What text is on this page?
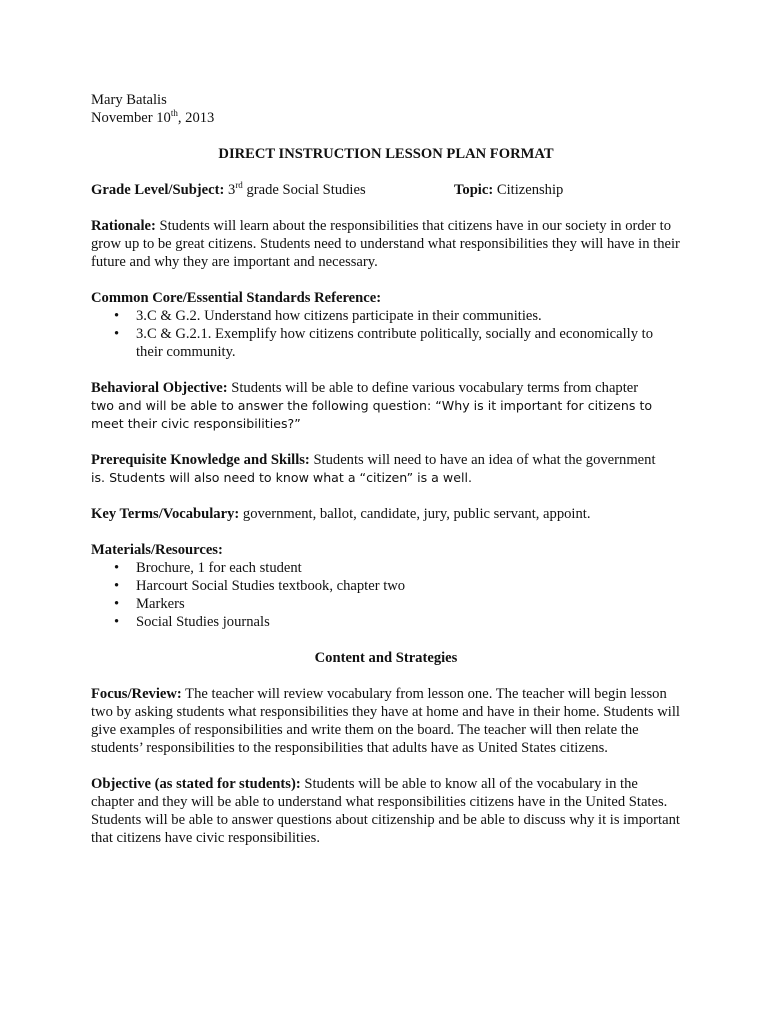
Mary Batalis

November 10th, 2013

DIRECT INSTRUCTION LESSON PLAN FORMAT

Grade Level/Subject: 3rd grade Social Studies	Topic: Citizenship

Rationale: Students will learn about the responsibilities that citizens have in our society in order to grow up to be great citizens. Students need to understand what responsibilities they will have in their future and why they are important and necessary.

Common Core/Essential Standards Reference:

• 3.C & G.2. Understand how citizens participate in their communities.
• 3.C & G.2.1. Exemplify how citizens contribute politically, socially and economically to their community.

Behavioral Objective: Students will be able to define various vocabulary terms from chapter

two and will be able to answer the following question: “Why is it important for citizens to meet their civic responsibilities?”

Prerequisite Knowledge and Skills: Students will need to have an idea of what the government

is. Students will also need to know what a “citizen” is a well.

Key Terms/Vocabulary: government, ballot, candidate, jury, public servant, appoint.

Materials/Resources:

• Brochure, 1 for each student
• Harcourt Social Studies textbook, chapter two
• Markers
• Social Studies journals

Content and Strategies

Focus/Review: The teacher will review vocabulary from lesson one. The teacher will begin lesson two by asking students what responsibilities they have at home and have in their home. Students will give examples of responsibilities and write them on the board. The teacher will then relate the students’ responsibilities to the responsibilities that adults have as United States citizens.

Objective (as stated for students): Students will be able to know all of the vocabulary in the chapter and they will be able to understand what responsibilities citizens have in the United States. Students will be able to answer questions about citizenship and be able to discuss why it is important that citizens have civic responsibilities.
